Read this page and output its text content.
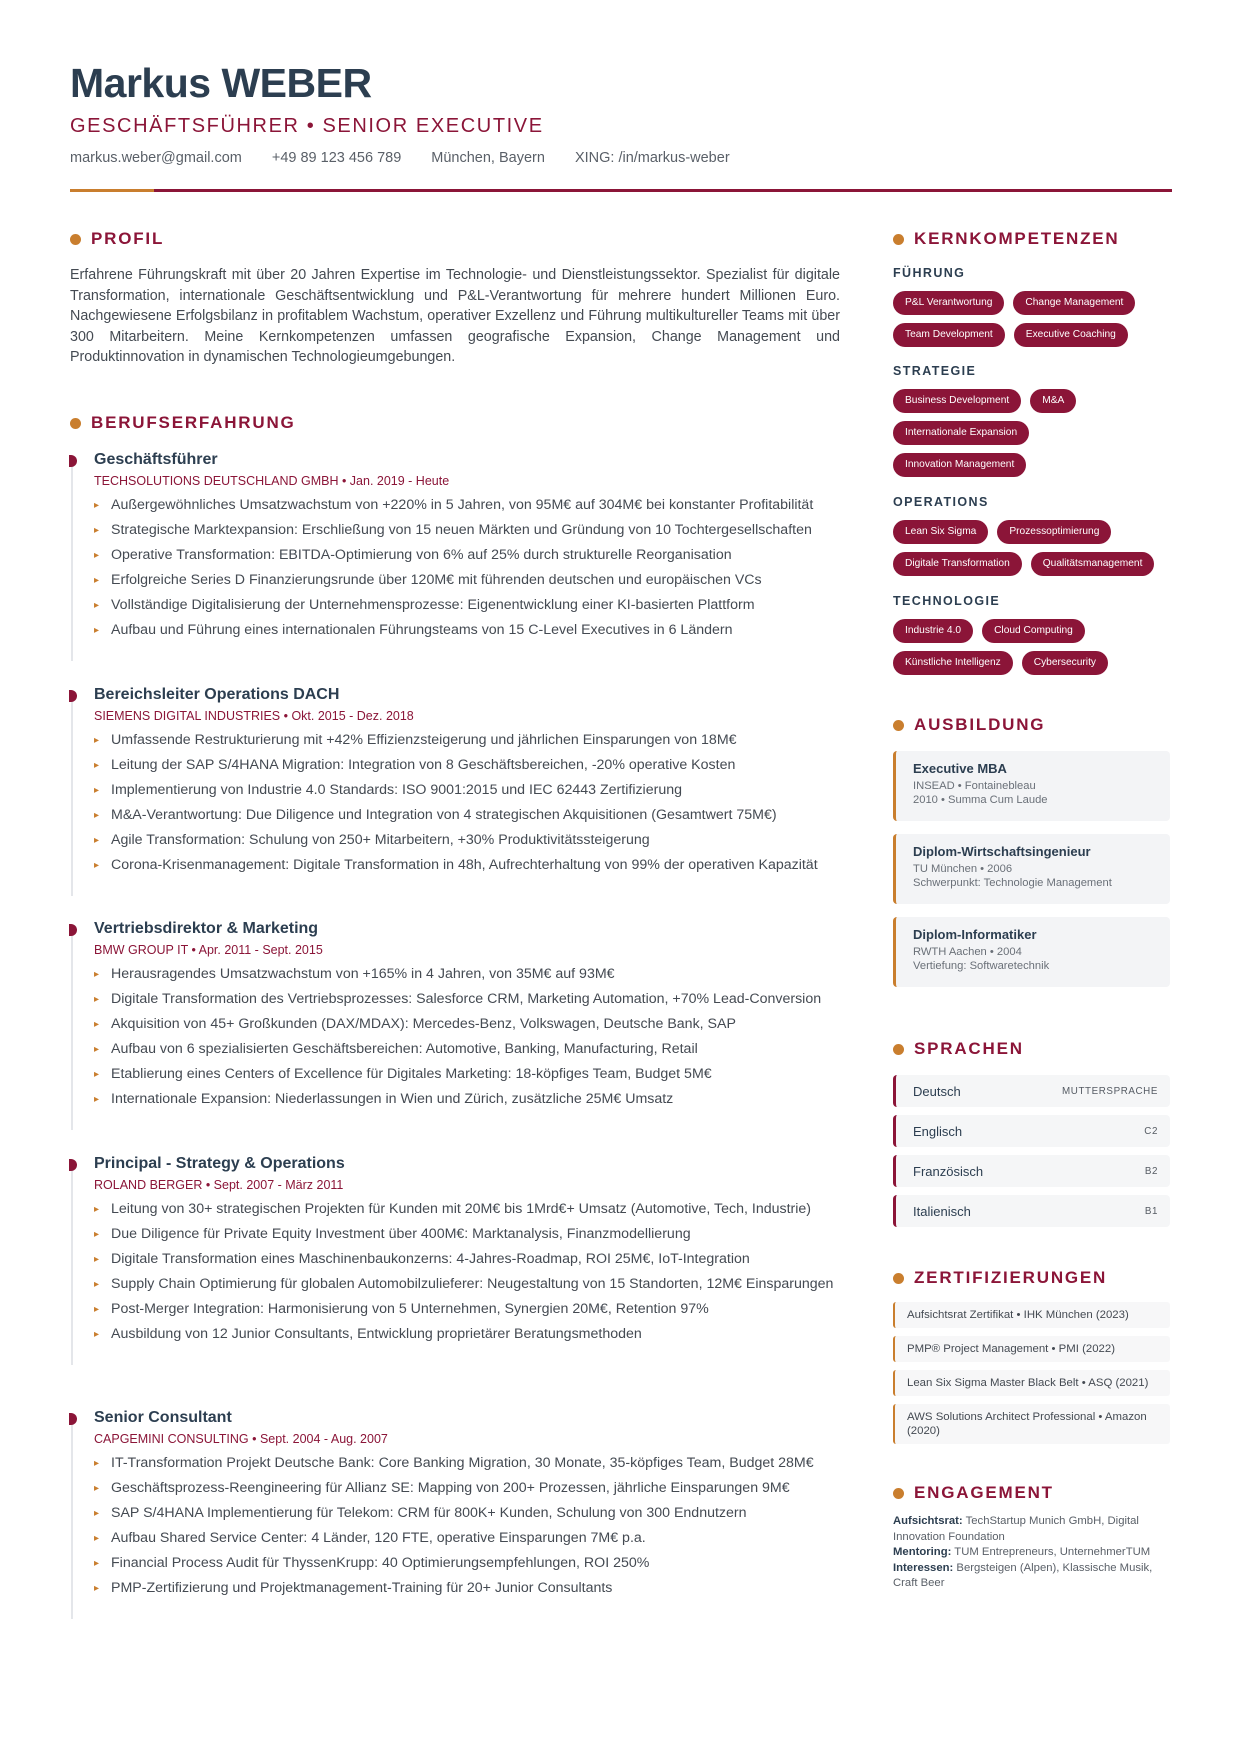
Markus WEBER
GESCHÄFTSFÜHRER • SENIOR EXECUTIVE
markus.weber@gmail.com +49 89 123 456 789 München, Bayern XING: /in/markus-weber
PROFIL

Erfahrene Führungskraft mit über 20 Jahren Expertise im Technologie- und Dienstleistungssektor. Spezialist für digitale Transformation, internationale Geschäftsentwicklung und P&L-Verantwortung für mehrere hundert Millionen Euro. Nachgewiesene Erfolgsbilanz in profitablem Wachstum, operativer Exzellenz und Führung multikultureller Teams mit über 300 Mitarbeitern. Meine Kernkompetenzen umfassen geografische Expansion, Change Management und Produktinnovation in dynamischen Technologieumgebungen.

BERUFSERFAHRUNG
Geschäftsführer
TECHSOLUTIONS DEUTSCHLAND GMBH • Jan. 2019 - Heute
▸ Außergewöhnliches Umsatzwachstum von +220% in 5 Jahren, von 95M€ auf 304M€ bei konstanter Profitabilität
▸ Strategische Marktexpansion: Erschließung von 15 neuen Märkten und Gründung von 10 Tochtergesellschaften
▸ Operative Transformation: EBITDA-Optimierung von 6% auf 25% durch strukturelle Reorganisation
▸ Erfolgreiche Series D Finanzierungsrunde über 120M€ mit führenden deutschen und europäischen VCs
▸ Vollständige Digitalisierung der Unternehmensprozesse: Eigenentwicklung einer KI-basierten Plattform
▸ Aufbau und Führung eines internationalen Führungsteams von 15 C-Level Executives in 6 Ländern
Bereichsleiter Operations DACH
SIEMENS DIGITAL INDUSTRIES • Okt. 2015 - Dez. 2018
▸ Umfassende Restrukturierung mit +42% Effizienzsteigerung und jährlichen Einsparungen von 18M€
▸ Leitung der SAP S/4HANA Migration: Integration von 8 Geschäftsbereichen, -20% operative Kosten
▸ Implementierung von Industrie 4.0 Standards: ISO 9001:2015 und IEC 62443 Zertifizierung
▸ M&A-Verantwortung: Due Diligence und Integration von 4 strategischen Akquisitionen (Gesamtwert 75M€)
▸ Agile Transformation: Schulung von 250+ Mitarbeitern, +30% Produktivitätssteigerung
▸ Corona-Krisenmanagement: Digitale Transformation in 48h, Aufrechterhaltung von 99% der operativen Kapazität
Vertriebsdirektor & Marketing
BMW GROUP IT • Apr. 2011 - Sept. 2015
▸ Herausragendes Umsatzwachstum von +165% in 4 Jahren, von 35M€ auf 93M€
▸ Digitale Transformation des Vertriebsprozesses: Salesforce CRM, Marketing Automation, +70% Lead-Conversion
▸ Akquisition von 45+ Großkunden (DAX/MDAX): Mercedes-Benz, Volkswagen, Deutsche Bank, SAP
▸ Aufbau von 6 spezialisierten Geschäftsbereichen: Automotive, Banking, Manufacturing, Retail
▸ Etablierung eines Centers of Excellence für Digitales Marketing: 18-köpfiges Team, Budget 5M€
▸ Internationale Expansion: Niederlassungen in Wien und Zürich, zusätzliche 25M€ Umsatz
Principal - Strategy & Operations
ROLAND BERGER • Sept. 2007 - März 2011
▸ Leitung von 30+ strategischen Projekten für Kunden mit 20M€ bis 1Mrd€+ Umsatz (Automotive, Tech, Industrie)
▸ Due Diligence für Private Equity Investment über 400M€: Marktanalysis, Finanzmodellierung
▸ Digitale Transformation eines Maschinenbaukonzerns: 4-Jahres-Roadmap, ROI 25M€, IoT-Integration
▸ Supply Chain Optimierung für globalen Automobilzulieferer: Neugestaltung von 15 Standorten, 12M€ Einsparungen
▸ Post-Merger Integration: Harmonisierung von 5 Unternehmen, Synergien 20M€, Retention 97%
▸ Ausbildung von 12 Junior Consultants, Entwicklung proprietärer Beratungsmethoden
Senior Consultant
CAPGEMINI CONSULTING • Sept. 2004 - Aug. 2007
▸ IT-Transformation Projekt Deutsche Bank: Core Banking Migration, 30 Monate, 35-köpfiges Team, Budget 28M€
▸ Geschäftsprozess-Reengineering für Allianz SE: Mapping von 200+ Prozessen, jährliche Einsparungen 9M€
▸ SAP S/4HANA Implementierung für Telekom: CRM für 800K+ Kunden, Schulung von 300 Endnutzern
▸ Aufbau Shared Service Center: 4 Länder, 120 FTE, operative Einsparungen 7M€ p.a.
▸ Financial Process Audit für ThyssenKrupp: 40 Optimierungsempfehlungen, ROI 250%
▸ PMP-Zertifizierung und Projektmanagement-Training für 20+ Junior Consultants
KERNKOMPETENZEN
FÜHRUNG
P&L Verantwortung	Change Management
Team Development	Executive Coaching
STRATEGIE
Business Development	M&A
Internationale Expansion
Innovation Management
OPERATIONS
Lean Six Sigma	Prozessoptimierung
Digitale Transformation	Qualitätsmanagement
TECHNOLOGIE
Industrie 4.0	Cloud Computing
Künstliche Intelligenz	Cybersecurity
AUSBILDUNG
Executive MBA
INSEAD • Fontainebleau
2010 • Summa Cum Laude
Diplom-Wirtschaftsingenieur
TU München • 2006
Schwerpunkt: Technologie Management
Diplom-Informatiker
RWTH Aachen • 2004
Vertiefung: Softwaretechnik
SPRACHEN
Deutsch	MUTTERSPRACHE
Englisch	C2
Französisch	B2
Italienisch	B1
ZERTIFIZIERUNGEN
Aufsichtsrat Zertifikat • IHK München (2023)
PMP® Project Management • PMI (2022)
Lean Six Sigma Master Black Belt • ASQ (2021)
AWS Solutions Architect Professional • Amazon (2020)
ENGAGEMENT
Aufsichtsrat: TechStartup Munich GmbH, Digital Innovation Foundation
Mentoring: TUM Entrepreneurs, UnternehmerTUM
Interessen: Bergsteigen (Alpen), Klassische Musik, Craft Beer
